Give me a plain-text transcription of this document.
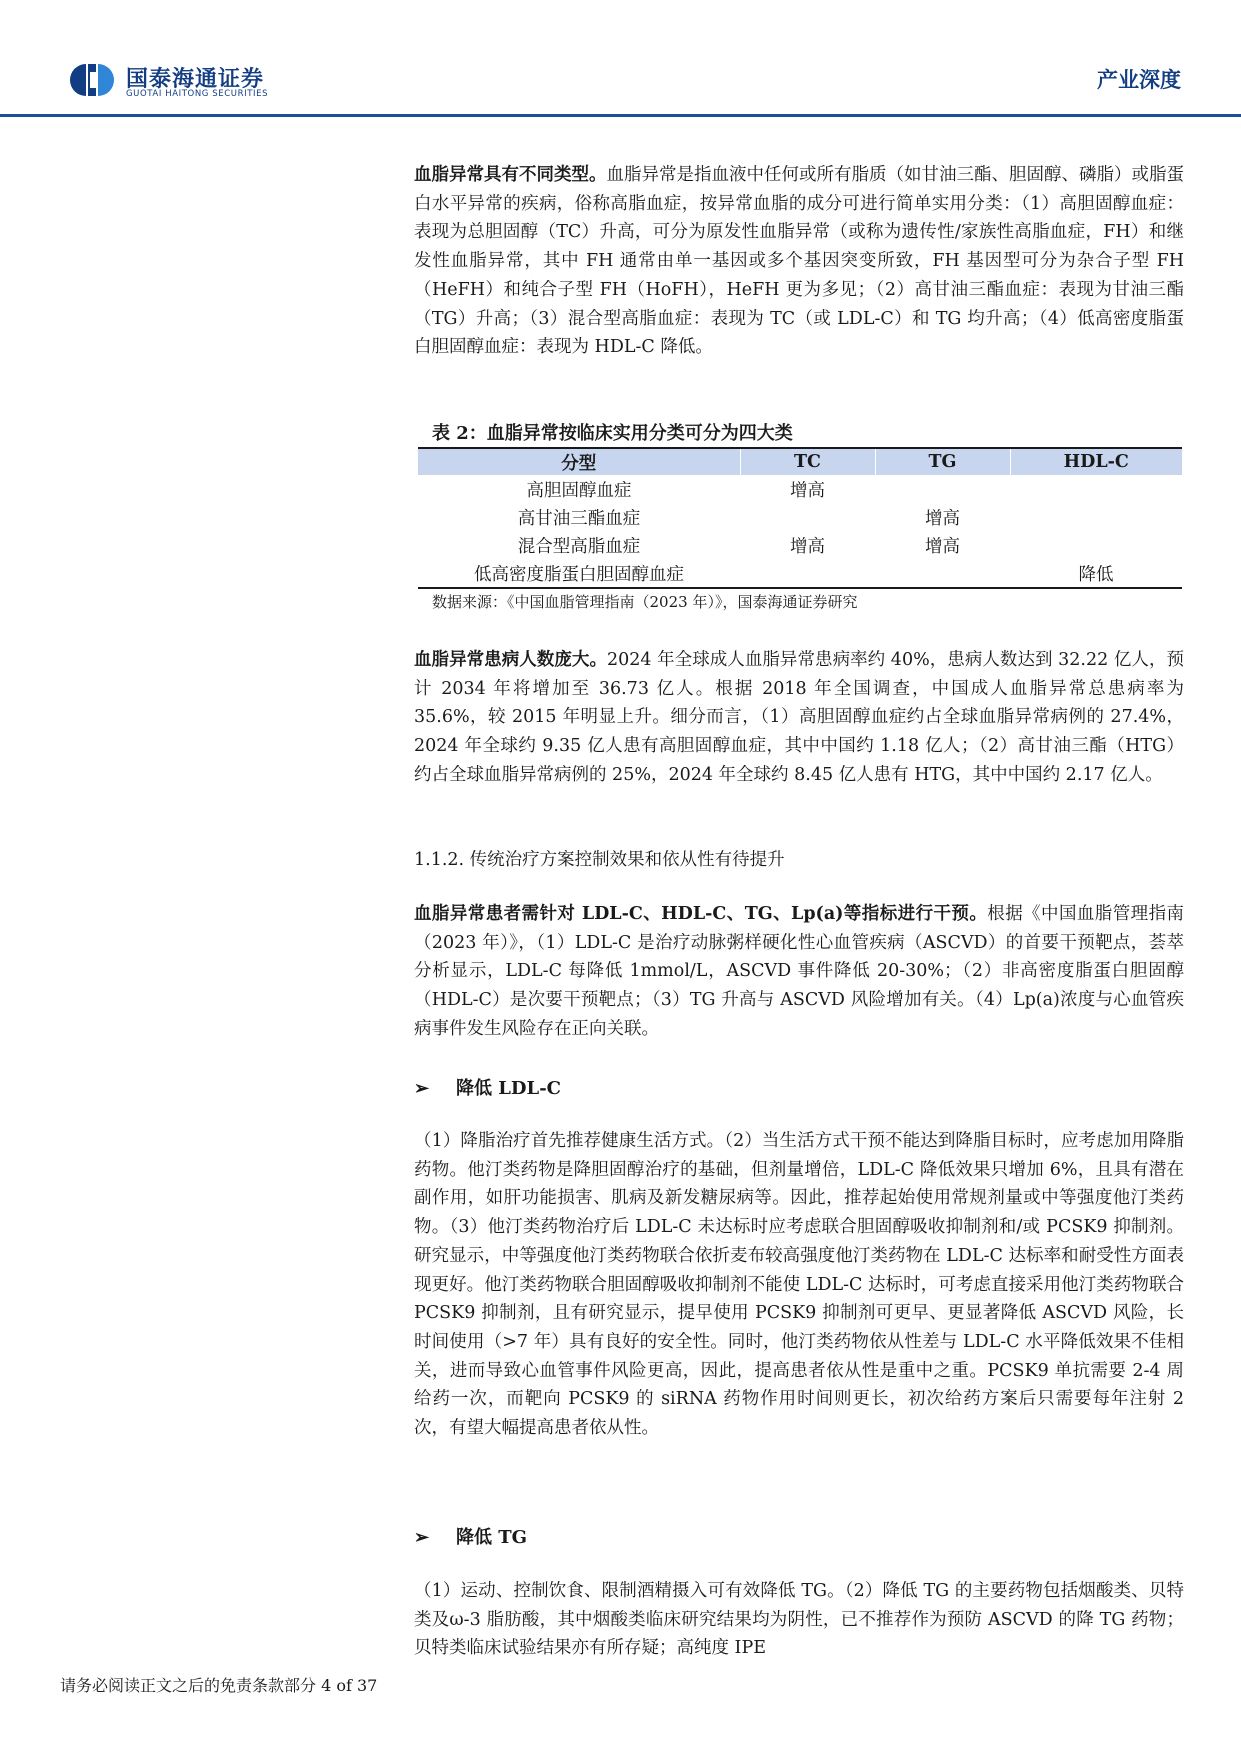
国泰海通证券
GUOTAI HAITONG SECURITIES
产业深度

血脂异常具有不同类型。血脂异常是指血液中任何或所有脂质（如甘油三酯、胆固醇、磷脂）或脂蛋白水平异常的疾病，俗称高脂血症，按异常血脂的成分可进行简单实用分类：（1）高胆固醇血症：表现为总胆固醇（TC）升高，可分为原发性血脂异常（或称为遗传性/家族性高脂血症，FH）和继发性血脂异常，其中 FH 通常由单一基因或多个基因突变所致，FH 基因型可分为杂合子型 FH（HeFH）和纯合子型 FH（HoFH），HeFH 更为多见；（2）高甘油三酯血症：表现为甘油三酯（TG）升高；（3）混合型高脂血症：表现为 TC（或 LDL-C）和 TG 均升高；（4）低高密度脂蛋白胆固醇血症：表现为 HDL-C 降低。

表 2：血脂异常按临床实用分类可分为四大类
分型	TC	TG	HDL-C
高胆固醇血症	增高		
高甘油三酯血症		增高	
混合型高脂血症	增高	增高	
低高密度脂蛋白胆固醇血症			降低
数据来源：《中国血脂管理指南（2023 年）》，国泰海通证券研究

血脂异常患病人数庞大。2024 年全球成人血脂异常患病率约 40%，患病人数达到 32.22 亿人，预计 2034 年将增加至 36.73 亿人。根据 2018 年全国调查，中国成人血脂异常总患病率为 35.6%，较 2015 年明显上升。细分而言，（1）高胆固醇血症约占全球血脂异常病例的 27.4%，2024 年全球约 9.35 亿人患有高胆固醇血症，其中中国约 1.18 亿人；（2）高甘油三酯（HTG）约占全球血脂异常病例的 25%，2024 年全球约 8.45 亿人患有 HTG，其中中国约 2.17 亿人。

1.1.2. 传统治疗方案控制效果和依从性有待提升

血脂异常患者需针对 LDL-C、HDL-C、TG、Lp(a)等指标进行干预。根据《中国血脂管理指南（2023 年）》，（1）LDL-C 是治疗动脉粥样硬化性心血管疾病（ASCVD）的首要干预靶点，荟萃分析显示，LDL-C 每降低 1mmol/L，ASCVD 事件降低 20-30%；（2）非高密度脂蛋白胆固醇（HDL-C）是次要干预靶点；（3）TG 升高与 ASCVD 风险增加有关。（4）Lp(a)浓度与心血管疾病事件发生风险存在正向关联。

➢ 降低 LDL-C

（1）降脂治疗首先推荐健康生活方式。（2）当生活方式干预不能达到降脂目标时，应考虑加用降脂药物。他汀类药物是降胆固醇治疗的基础，但剂量增倍，LDL-C 降低效果只增加 6%，且具有潜在副作用，如肝功能损害、肌病及新发糖尿病等。因此，推荐起始使用常规剂量或中等强度他汀类药物。（3）他汀类药物治疗后 LDL-C 未达标时应考虑联合胆固醇吸收抑制剂和/或 PCSK9 抑制剂。研究显示，中等强度他汀类药物联合依折麦布较高强度他汀类药物在 LDL-C 达标率和耐受性方面表现更好。他汀类药物联合胆固醇吸收抑制剂不能使 LDL-C 达标时，可考虑直接采用他汀类药物联合 PCSK9 抑制剂，且有研究显示，提早使用 PCSK9 抑制剂可更早、更显著降低 ASCVD 风险，长时间使用（>7 年）具有良好的安全性。同时，他汀类药物依从性差与 LDL-C 水平降低效果不佳相关，进而导致心血管事件风险更高，因此，提高患者依从性是重中之重。PCSK9 单抗需要 2-4 周给药一次，而靶向 PCSK9 的 siRNA 药物作用时间则更长，初次给药方案后只需要每年注射 2 次，有望大幅提高患者依从性。

➢ 降低 TG

（1）运动、控制饮食、限制酒精摄入可有效降低 TG。（2）降低 TG 的主要药物包括烟酸类、贝特类及ω-3 脂肪酸，其中烟酸类临床研究结果均为阴性，已不推荐作为预防 ASCVD 的降 TG 药物；贝特类临床试验结果亦有所存疑；高纯度 IPE

请务必阅读正文之后的免责条款部分 4 of 37
